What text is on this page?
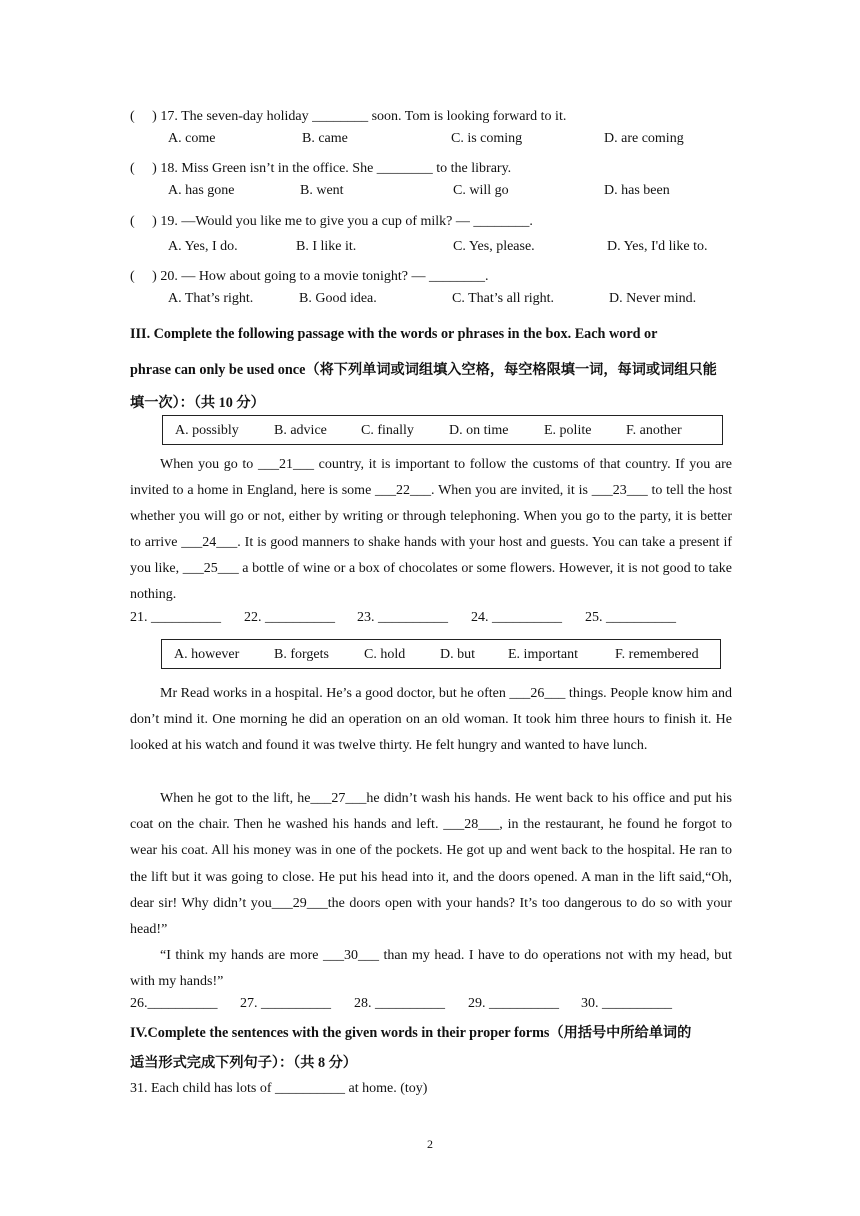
(　 ) 17. The seven-day holiday ________ soon. Tom is looking forward to it.
A. come	B. came	C. is coming	D. are coming
(　 ) 18. Miss Green isn’t in the office. She ________ to the library.
A. has gone	B. went	C. will go	D. has been
(　 ) 19. —Would you like me to give you a cup of milk? — ________.
A. Yes, I do.	B. I like it.	C. Yes, please.	D. Yes, I'd like to.
(　 ) 20. — How about going to a movie tonight? — ________.
A. That’s right.	B. Good idea.	C. That’s all right.	D. Never mind.
III. Complete the following passage with the words or phrases in the box. Each word or
phrase can only be used once（将下列单词或词组填入空格，每空格限填一词，每词或词组只能
填一次）：（共 10 分）
A. possibly	B. advice C. finally	D. on time	E. polite F. another
When you go to ___21___ country, it is important to follow the customs of that country. If you are invited to a home in England, here is some ___22___. When you are invited, it is ___23___ to tell the host whether you will go or not, either by writing or through telephoning. When you go to the party, it is better to arrive ___24___. It is good manners to shake hands with your host and guests. You can take a present if you like, ___25___ a bottle of wine or a box of chocolates or some flowers. However, it is not good to take nothing.
21. __________ 22. __________ 23. __________ 24. __________ 25. __________
A. however B. forgets	C. hold D. but E. important	F. remembered
Mr Read works in a hospital. He’s a good doctor, but he often ___26___ things. People know him and don’t mind it. One morning he did an operation on an old woman. It took him three hours to finish it. He looked at his watch and found it was twelve thirty. He felt hungry and wanted to have lunch.
When he got to the lift, he___27___he didn’t wash his hands. He went back to his office and put his coat on the chair. Then he washed his hands and left. ___28___, in the restaurant, he found he forgot to wear his coat. All his money was in one of the pockets. He got up and went back to the hospital. He ran to the lift but it was going to close. He put his head into it, and the doors opened. A man in the lift said,“Oh, dear sir! Why didn’t you___29___the doors open with your hands? It’s too dangerous to do so with your head!”
“I think my hands are more ___30___ than my head. I have to do operations not with my head, but with my hands!”
26.__________ 27. __________ 28. __________ 29. __________ 30. __________
IV.Complete the sentences with the given words in their proper forms（用括号中所给单词的
适当形式完成下列句子）：（共 8 分）
31. Each child has lots of __________ at home. (toy)
2
